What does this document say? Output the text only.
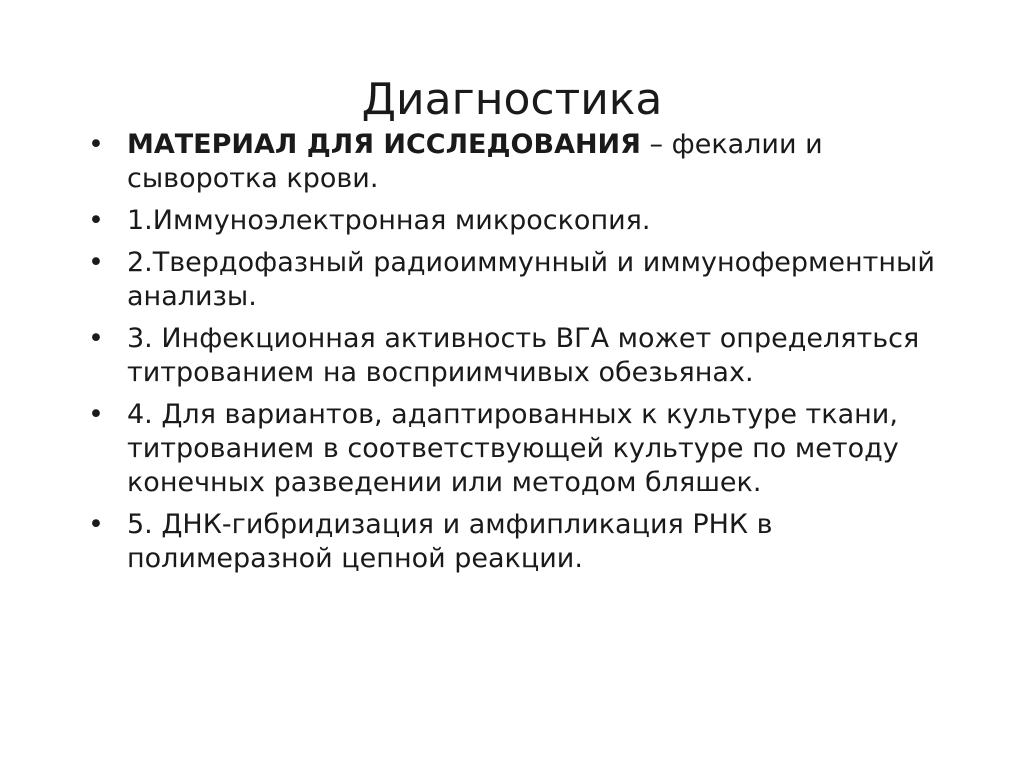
Диагностика
• МАТЕРИАЛ ДЛЯ ИССЛЕДОВАНИЯ – фекалии и сыворотка крови.
• 1.Иммуноэлектронная микроскопия.
• 2.Твердофазный радиоиммунный и иммуноферментный анализы.
• 3. Инфекционная активность ВГА может определяться титрованием на восприимчивых обезьянах.
• 4. Для вариантов, адаптированных к культуре ткани, титрованием в соответствующей культуре по методу конечных разведении или методом бляшек.
• 5. ДНК-гибридизация и амфипликация РНК в полимеразной цепной реакции.
